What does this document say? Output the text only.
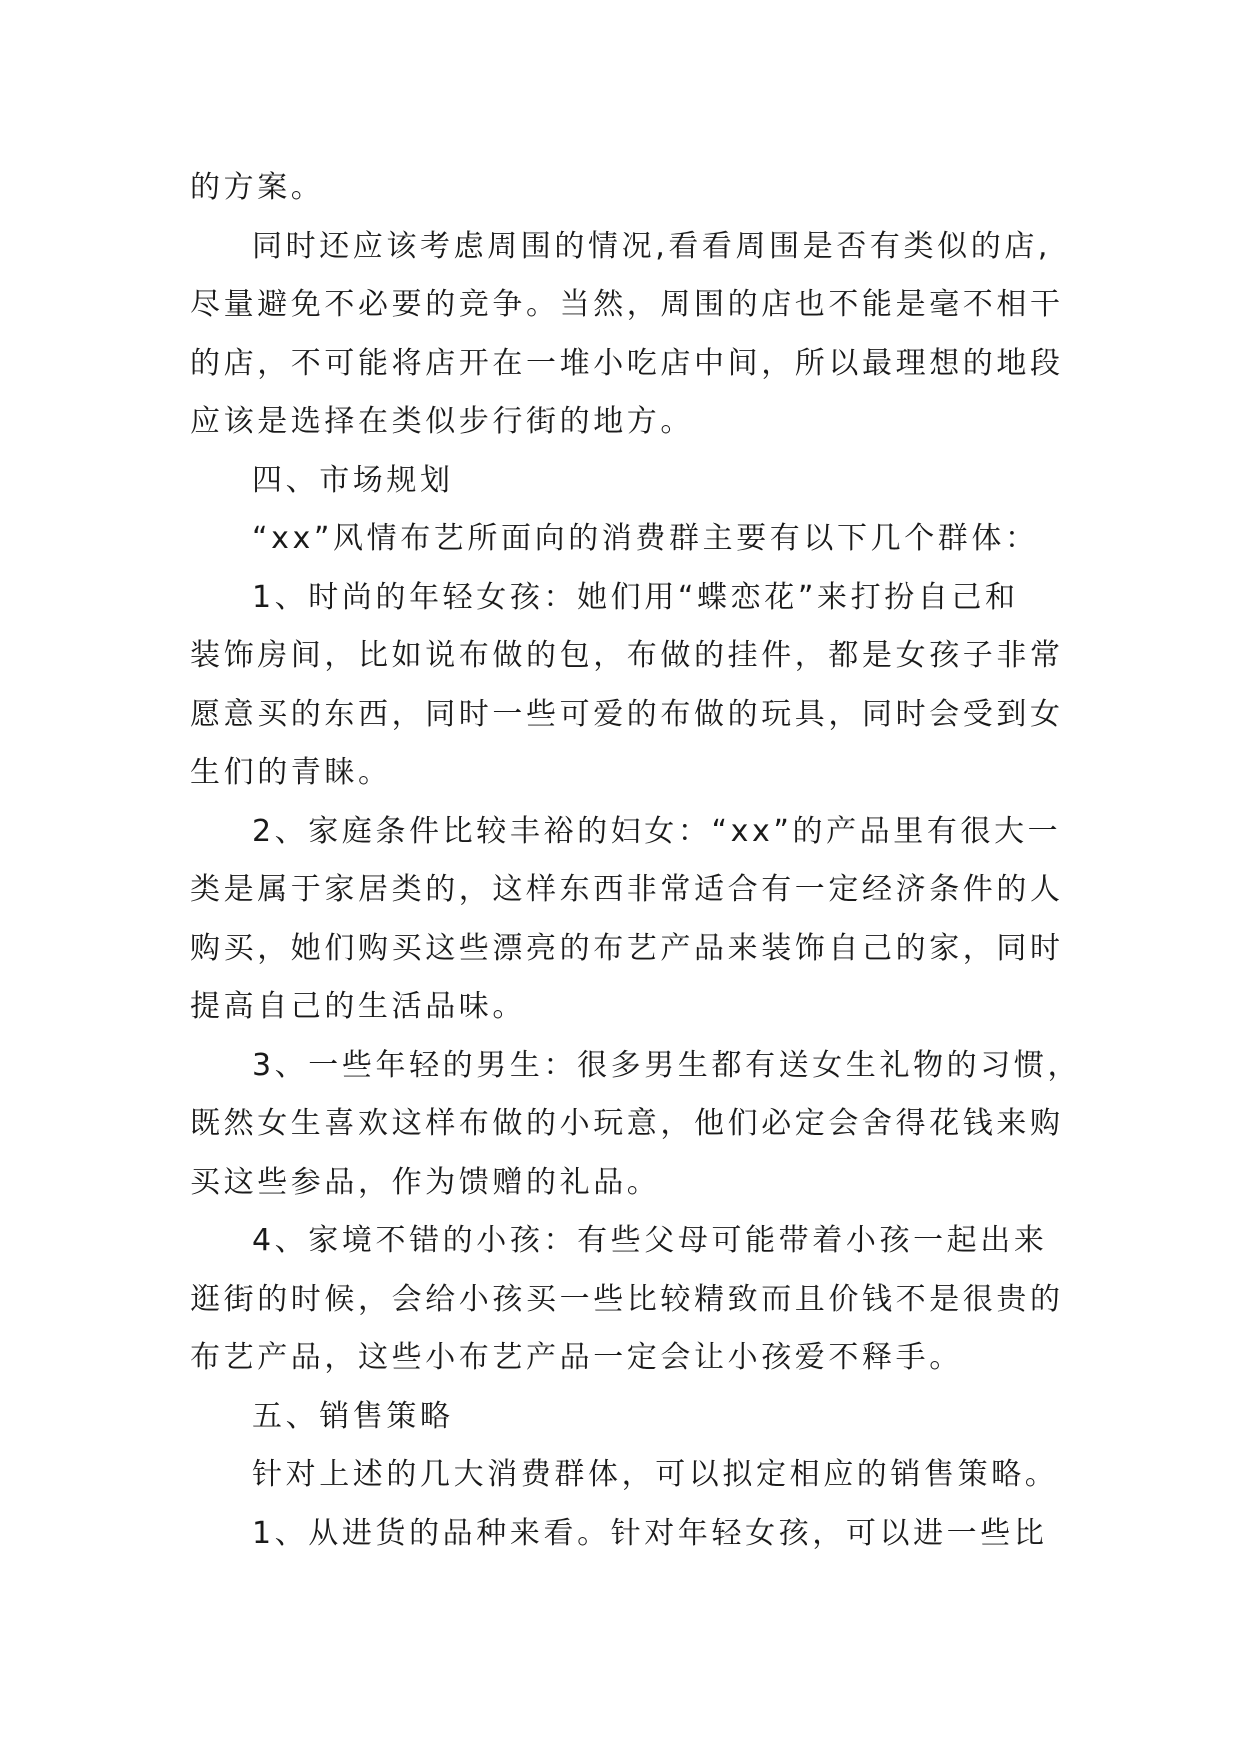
的方案。
同时还应该考虑周围的情况,看看周围是否有类似的店,
尽量避免不必要的竞争。当然，周围的店也不能是毫不相干
的店，不可能将店开在一堆小吃店中间，所以最理想的地段
应该是选择在类似步行街的地方。
四、市场规划
“xx”风情布艺所面向的消费群主要有以下几个群体：
1、时尚的年轻女孩：她们用“蝶恋花”来打扮自己和
装饰房间，比如说布做的包，布做的挂件，都是女孩子非常
愿意买的东西，同时一些可爱的布做的玩具，同时会受到女
生们的青睐。
2、家庭条件比较丰裕的妇女：“xx”的产品里有很大一
类是属于家居类的，这样东西非常适合有一定经济条件的人
购买，她们购买这些漂亮的布艺产品来装饰自己的家，同时
提高自己的生活品味。
3、一些年轻的男生：很多男生都有送女生礼物的习惯，
既然女生喜欢这样布做的小玩意，他们必定会舍得花钱来购
买这些参品，作为馈赠的礼品。
4、家境不错的小孩：有些父母可能带着小孩一起出来
逛街的时候，会给小孩买一些比较精致而且价钱不是很贵的
布艺产品，这些小布艺产品一定会让小孩爱不释手。
五、销售策略
针对上述的几大消费群体，可以拟定相应的销售策略。
1、从进货的品种来看。针对年轻女孩，可以进一些比
